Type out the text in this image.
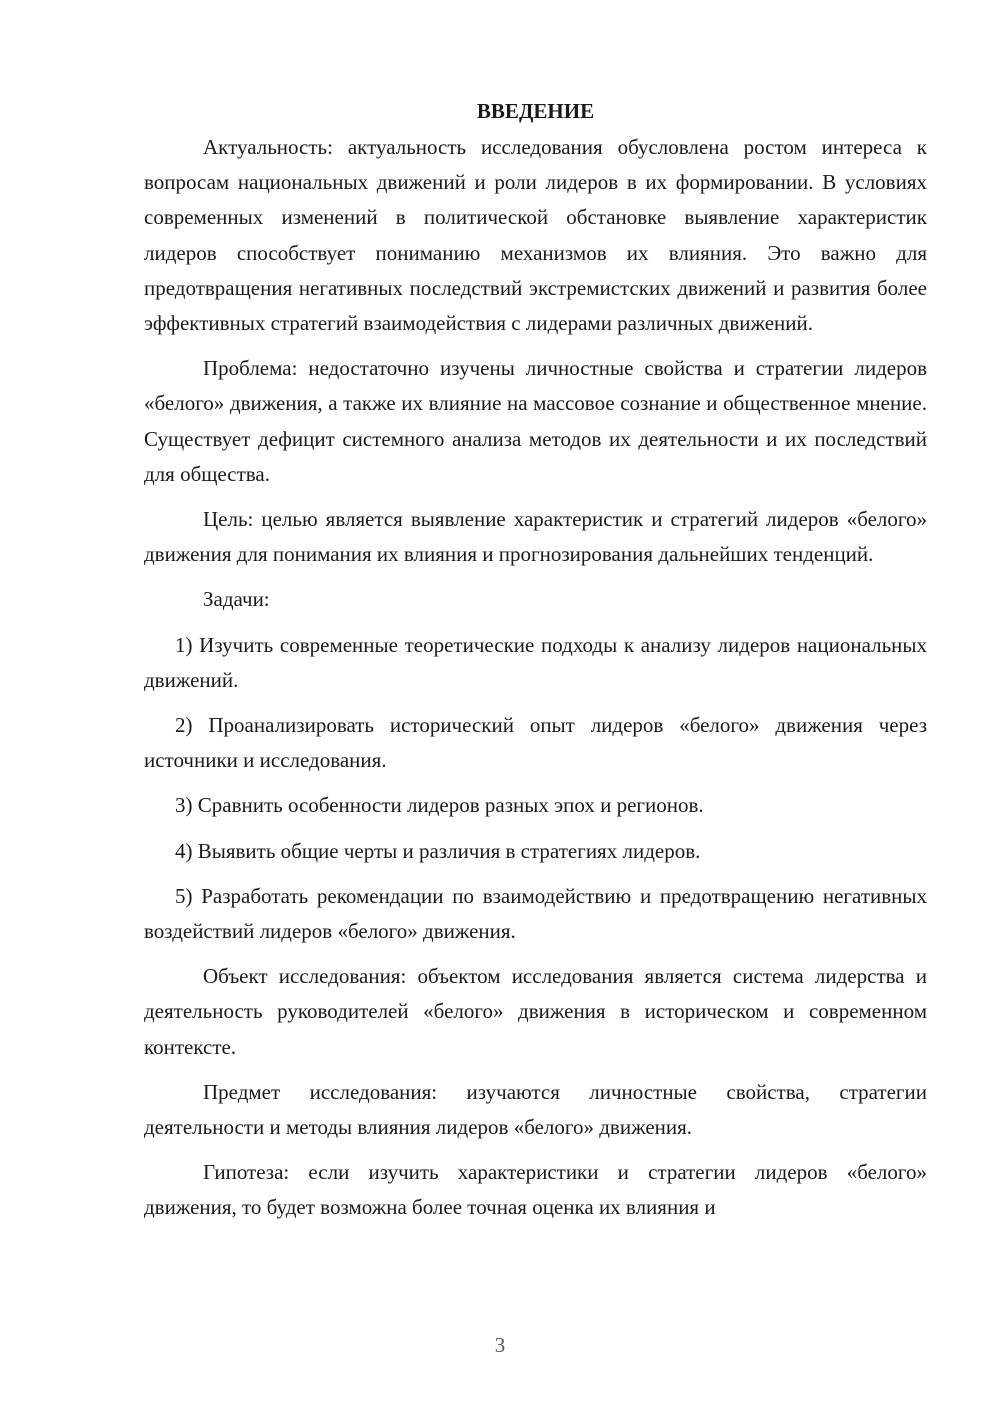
ВВЕДЕНИЕ

Актуальность: актуальность исследования обусловлена ростом интереса к вопросам национальных движений и роли лидеров в их формировании. В условиях современных изменений в политической обстановке выявление характеристик лидеров способствует пониманию механизмов их влияния. Это важно для предотвращения негативных последствий экстремистских движений и развития более эффективных стратегий взаимодействия с лидерами различных движений.

Проблема: недостаточно изучены личностные свойства и стратегии лидеров «белого» движения, а также их влияние на массовое сознание и общественное мнение. Существует дефицит системного анализа методов их деятельности и их последствий для общества.

Цель: целью является выявление характеристик и стратегий лидеров «белого» движения для понимания их влияния и прогнозирования дальнейших тенденций.

Задачи:

1) Изучить современные теоретические подходы к анализу лидеров национальных движений.

2) Проанализировать исторический опыт лидеров «белого» движения через источники и исследования.

3) Сравнить особенности лидеров разных эпох и регионов.

4) Выявить общие черты и различия в стратегиях лидеров.

5) Разработать рекомендации по взаимодействию и предотвращению негативных воздействий лидеров «белого» движения.

Объект исследования: объектом исследования является система лидерства и деятельность руководителей «белого» движения в историческом и современном контексте.

Предмет исследования: изучаются личностные свойства, стратегии деятельности и методы влияния лидеров «белого» движения.

Гипотеза: если изучить характеристики и стратегии лидеров «белого» движения, то будет возможна более точная оценка их влияния и

3
